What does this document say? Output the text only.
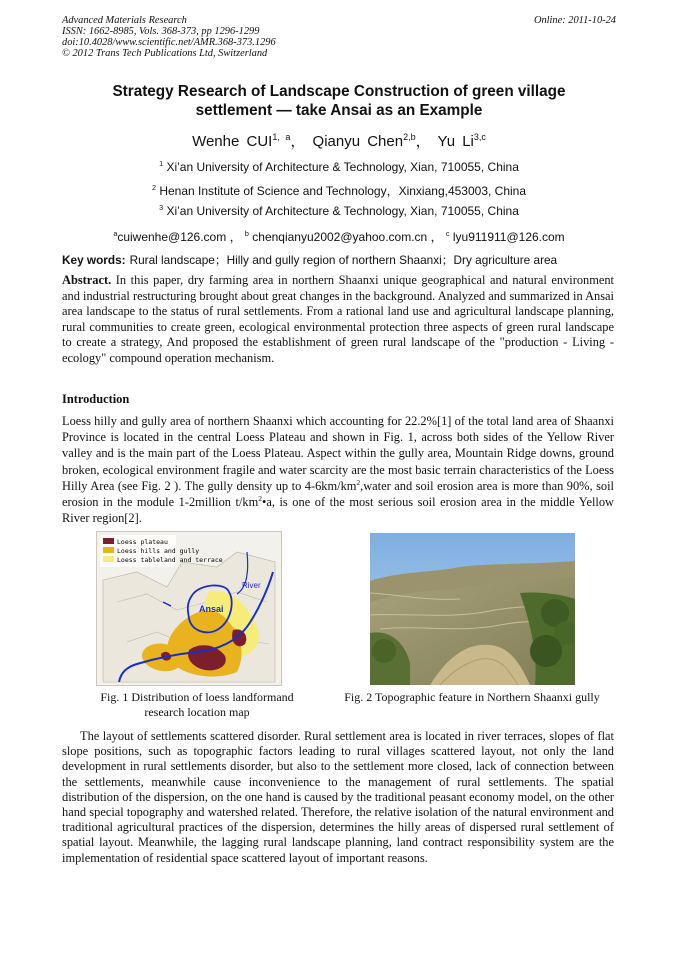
Advanced Materials Research
ISSN: 1662-8985, Vols. 368-373, pp 1296-1299
doi:10.4028/www.scientific.net/AMR.368-373.1296
© 2012 Trans Tech Publications Ltd, Switzerland
Online: 2011-10-24
Strategy Research of Landscape Construction of green village
settlement — take Ansai as an Example
Wenhe CUI$^{1, a}$， Qianyu Chen$^{2,b}$， Yu Li$^{3,c}$
$^1$ Xi’an University of Architecture & Technology, Xian, 710055, China
$^2$ Henan Institute of Science and Technology，Xinxiang,453003, China
$^3$ Xi’an University of Architecture & Technology, Xian, 710055, China
$^a$cuiwenhe@126.com ， $^b$ chenqianyu2002@yahoo.com.cn ， $^c$ lyu911911@126.com
Key words: Rural landscape；Hilly and gully region of northern Shaanxi；Dry agriculture area
Abstract. In this paper, dry farming area in northern Shaanxi unique geographical and natural environment and industrial restructuring brought about great changes in the background. Analyzed and summarized in Ansai area landscape to the status of rural settlements. From a rational land use and agricultural landscape planning, rural communities to create green, ecological environmental protection three aspects of green rural landscape to create a strategy, And proposed the establishment of green rural landscape of the "production - Living - ecology" compound operation mechanism.
Introduction
Loess hilly and gully area of northern Shaanxi which accounting for 22.2%[1] of the total land area of Shaanxi Province is located in the central Loess Plateau and shown in Fig. 1, across both sides of the Yellow River valley and is the main part of the Loess Plateau. Aspect within the gully area, Mountain Ridge downs, ground broken, ecological environment fragile and water scarcity are the most basic terrain characteristics of the Loess Hilly Area (see Fig. 2 ). The gully density up to $4-6km/km^2,water$ and soil erosion area is more than 90%, soil erosion in the module 1-2million $t/km^2•a$, is one of the most serious soil erosion area in the middle Yellow River region[2].
River
Ansai
Loess plateau
Loess hills and gully
Loess tableland and terrace
Fig. 1 Distribution of loess landformand research location map
Fig. 2 Topographic feature in Northern Shaanxi gully
The layout of settlements scattered disorder. Rural settlement area is located in river terraces, slopes of flat slope positions, such as topographic factors leading to rural villages scattered layout, not only the land development in rural settlements disorder, but also to the settlement more closed, lack of connection between the settlements, meanwhile cause inconvenience to the management of rural settlements. The spatial distribution of the dispersion, on the one hand is caused by the traditional peasant economy model, on the other hand special topography and watershed related. Therefore, the relative isolation of the natural environment and traditional agricultural practices of the dispersion, determines the hilly areas of dispersed rural settlement of spatial layout. Meanwhile, the lagging rural landscape planning, land contract responsibility system are the implementation of residential space scattered layout of important reasons.
